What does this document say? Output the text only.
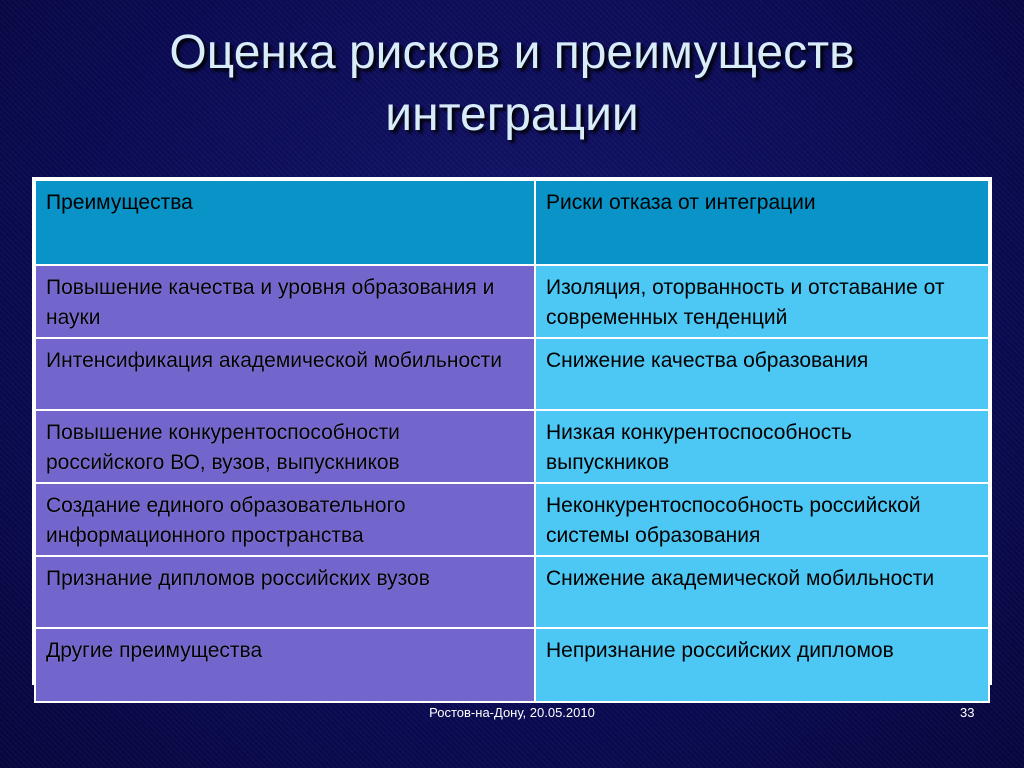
Оценка рисков и преимуществ
интеграции
Преимущества	Риски отказа от интеграции
Повышение качества и уровня образования и науки	Изоляция, оторванность и отставание от современных тенденций
Интенсификация академической мобильности	Снижение качества образования
Повышение конкурентоспособности российского ВО, вузов, выпускников	Низкая конкурентоспособность выпускников
Создание единого образовательного информационного пространства	Неконкурентоспособность российской системы образования
Признание дипломов российских вузов	Снижение академической мобильности
Другие преимущества	Непризнание российских дипломов
Ростов-на-Дону, 20.05.2010	33
